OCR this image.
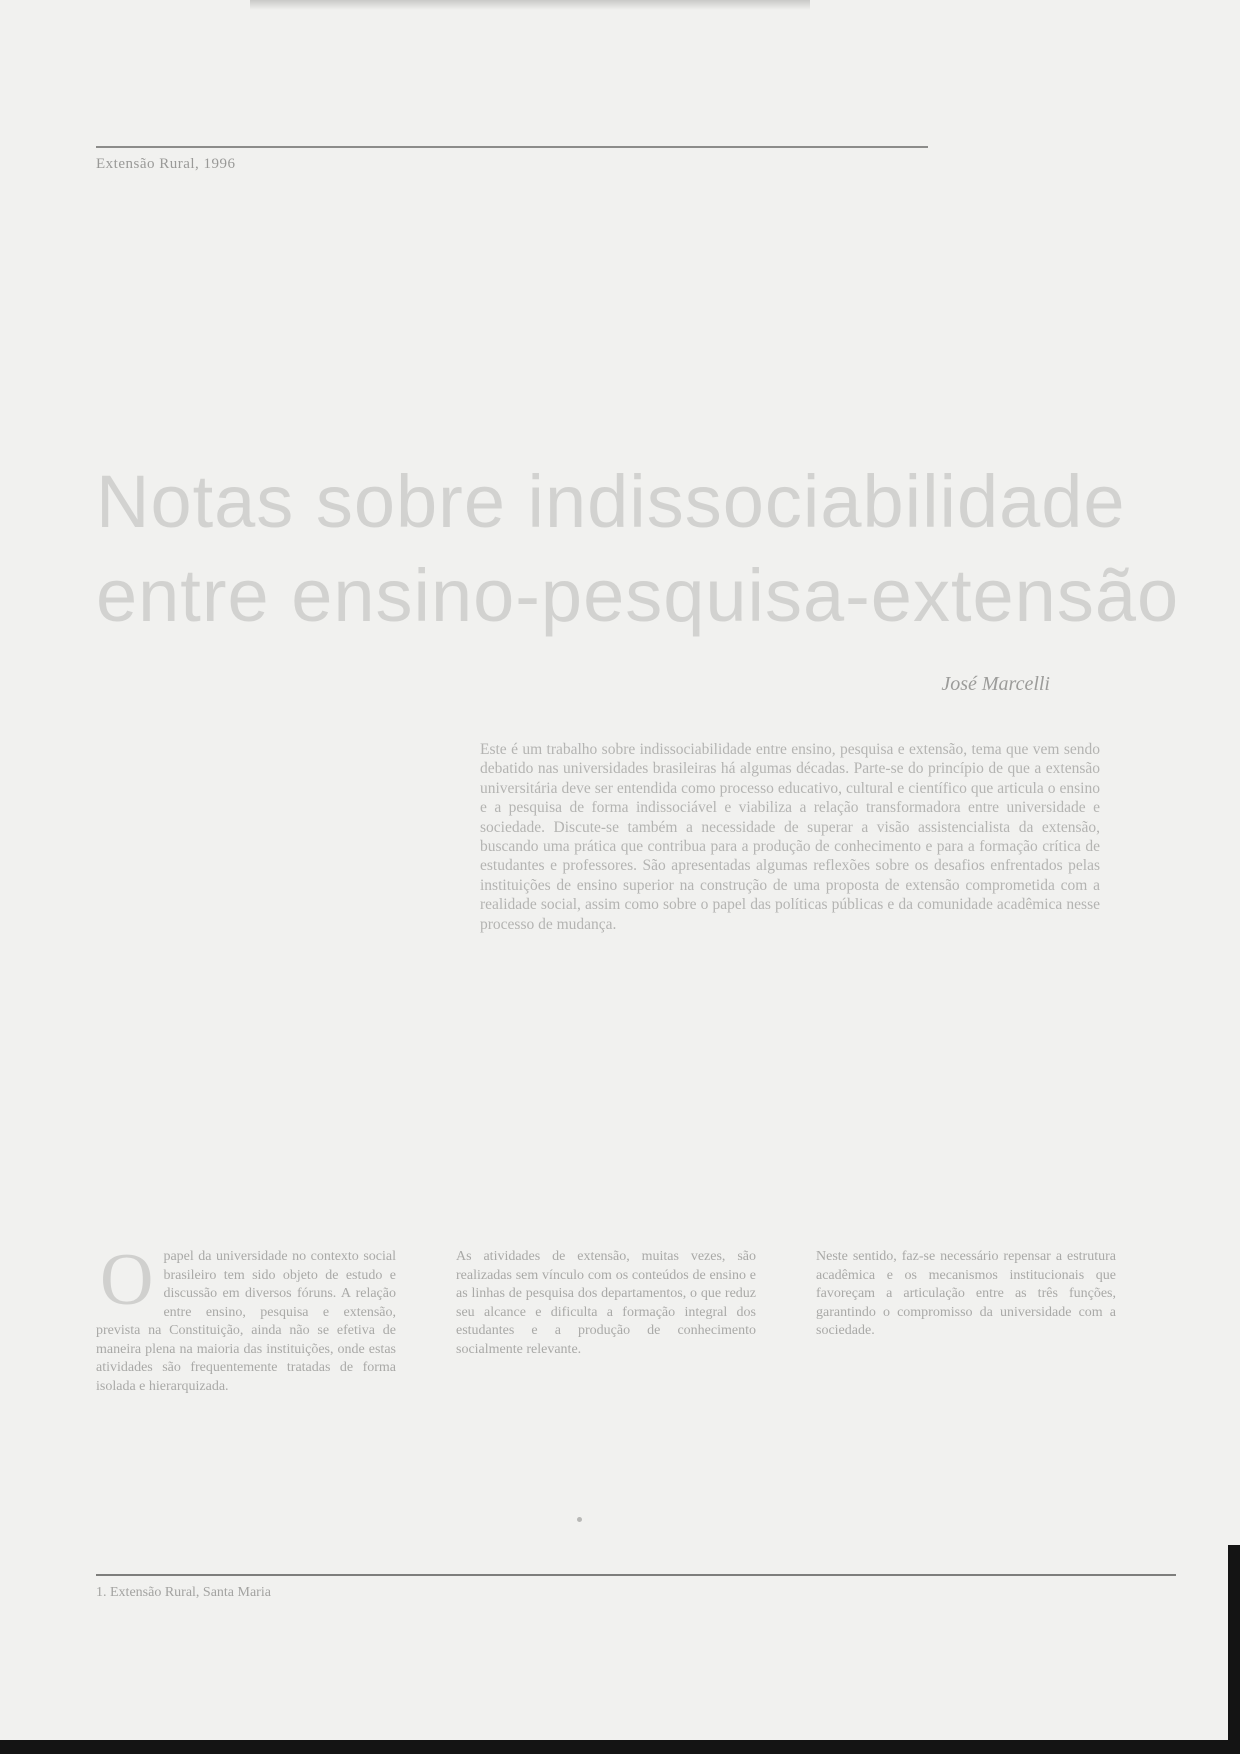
Extensão Rural, 1996
Notas sobre indissociabilidade
entre ensino-pesquisa-extensão
José Marcelli

Este é um trabalho sobre indissociabilidade entre ensino, pesquisa e extensão, tema que vem sendo debatido nas universidades brasileiras há algumas décadas. Parte-se do princípio de que a extensão universitária deve ser entendida como processo educativo, cultural e científico que articula o ensino e a pesquisa de forma indissociável e viabiliza a relação transformadora entre universidade e sociedade. Discute-se também a necessidade de superar a visão assistencialista da extensão, buscando uma prática que contribua para a produção de conhecimento e para a formação crítica de estudantes e professores. São apresentadas algumas reflexões sobre os desafios enfrentados pelas instituições de ensino superior na construção de uma proposta de extensão comprometida com a realidade social, assim como sobre o papel das políticas públicas e da comunidade acadêmica nesse processo de mudança.

O papel da universidade no contexto social brasileiro tem sido objeto de estudo e discussão em diversos fóruns. A relação entre ensino, pesquisa e extensão, prevista na Constituição, ainda não se efetiva de maneira plena na maioria das instituições, onde estas atividades são frequentemente tratadas de forma isolada e hierarquizada.

As atividades de extensão, muitas vezes, são realizadas sem vínculo com os conteúdos de ensino e as linhas de pesquisa dos departamentos, o que reduz seu alcance e dificulta a formação integral dos estudantes e a produção de conhecimento socialmente relevante.

Neste sentido, faz-se necessário repensar a estrutura acadêmica e os mecanismos institucionais que favoreçam a articulação entre as três funções, garantindo o compromisso da universidade com a sociedade.

1. Extensão Rural, Santa Maria
